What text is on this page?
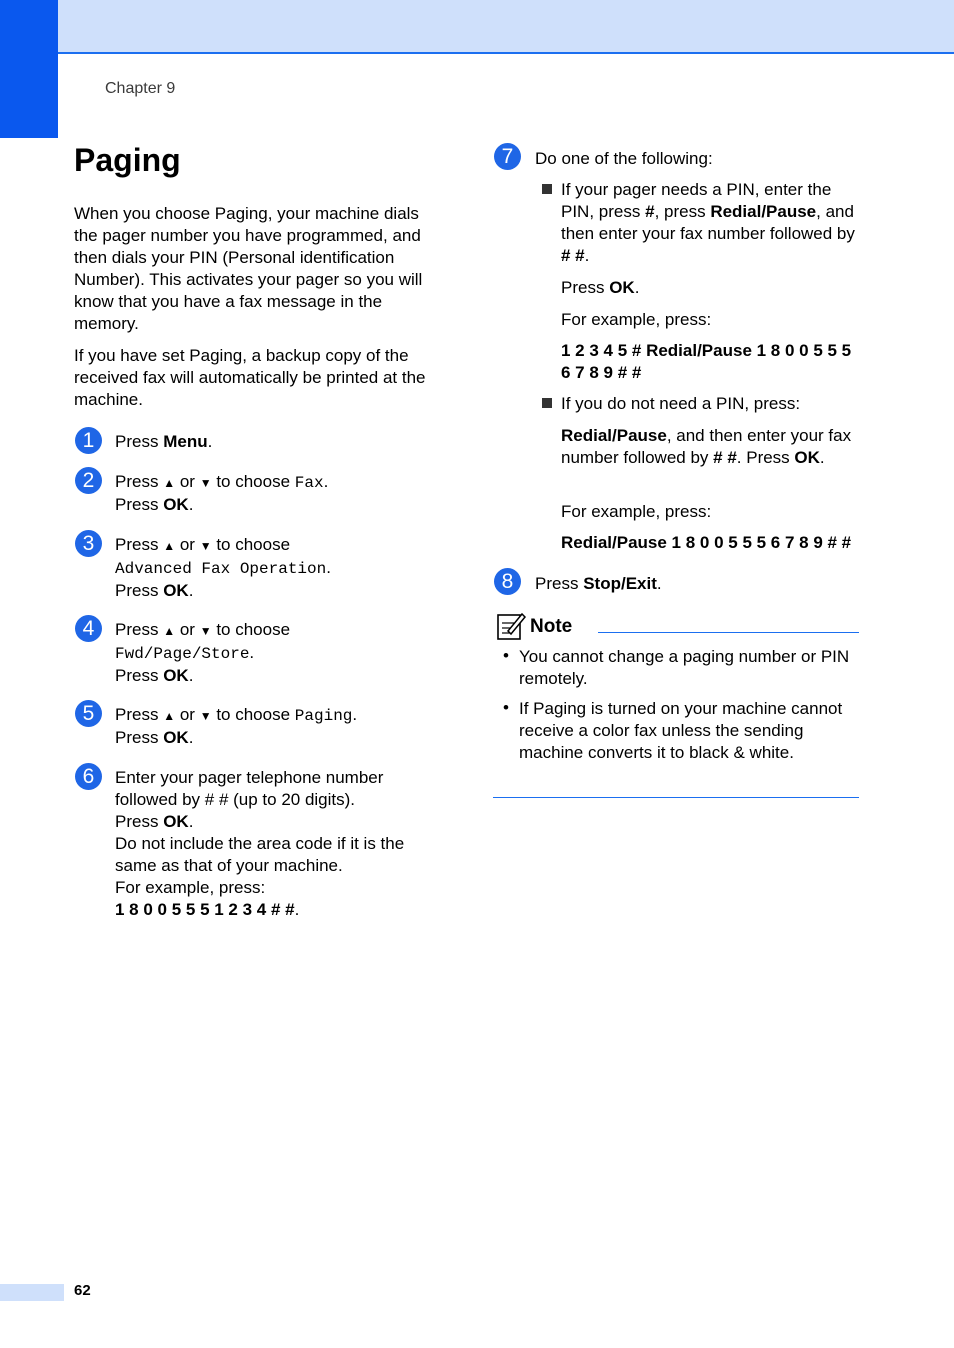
Chapter 9
Paging

When you choose Paging, your machine dials the pager number you have programmed, and then dials your PIN (Personal identification Number). This activates your pager so you will know that you have a fax message in the memory.

If you have set Paging, a backup copy of the received fax will automatically be printed at the machine.

1	Press Menu.
2	Press ▲ or ▼ to choose Fax.
Press OK.
3	Press ▲ or ▼ to choose
Advanced Fax Operation.
Press OK.
4	Press ▲ or ▼ to choose
Fwd/Page/Store.
Press OK.
5	Press ▲ or ▼ to choose Paging.
Press OK.
6	Enter your pager telephone number followed by # # (up to 20 digits).
Press OK.
Do not include the area code if it is the same as that of your machine.
For example, press:
1 8 0 0 5 5 5 1 2 3 4 # #.
7	Do one of the following:
If your pager needs a PIN, enter the PIN, press #, press Redial/Pause, and then enter your fax number followed by # #.
Press OK.
For example, press:
1 2 3 4 5 # Redial/Pause 1 8 0 0 5 5 5 6 7 8 9 # #
If you do not need a PIN, press:
Redial/Pause, and then enter your fax number followed by # #. Press OK.
For example, press:
Redial/Pause 1 8 0 0 5 5 5 6 7 8 9 # #
8	Press Stop/Exit.
Note
• You cannot change a paging number or PIN remotely.
• If Paging is turned on your machine cannot receive a color fax unless the sending machine converts it to black & white.
62
